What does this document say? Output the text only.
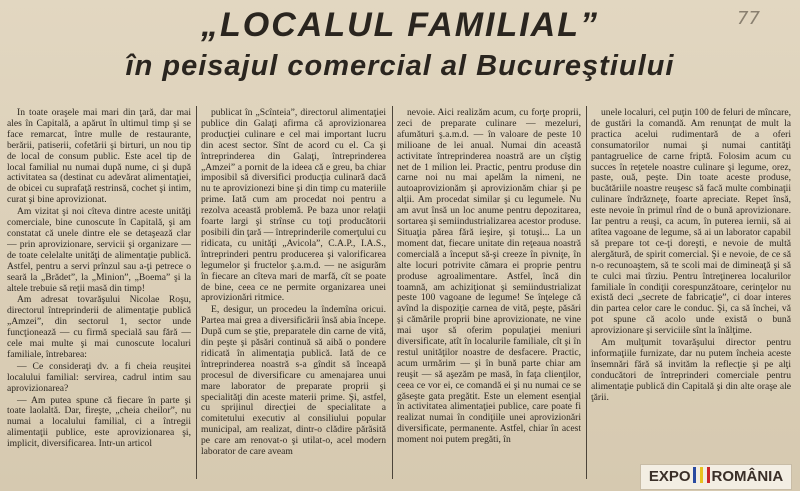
„LOCALUL FAMILIAL”
în peisajul comercial al Bucureştiului
77

În toate oraşele mai mari din ţară, dar mai ales în Capitală, a apărut în ultimul timp şi se face remarcat, între mulle de restaurante, berării, patiserii, cofetării şi birturi, un nou tip de local de consum public. Este acel tip de local familial nu numai după nume, ci şi după activitatea sa (destinat cu adevărat alimentaţiei, de obicei cu suprafaţă restrinsă, cochet şi intim, curat şi bine aprovizionat.

Am vizitat şi noi cîteva dintre aceste unităţi comerciale, bine cunoscute în Capitală, şi am constatat că unele dintre ele se detaşează clar — prin aprovizionare, servicii şi organizare — de toate celelalte unităţi de alimentaţie publică. Astfel, pentru a servi prînzul sau a-ţi petrece o seară la „Brădet”, la „Minion”, „Boema” şi la altele trebuie să reţii masă din timp!

Am adresat tovarăşului Nicolae Roşu, directorul întreprinderii de alimentaţie publică „Amzei”, din sectorul 1, sector unde funcţionează — cu firmă specială sau fără — cele mai multe şi mai cunoscute localuri familiale, întrebarea:

— Ce consideraţi dv. a fi cheia reuşitei localului familial: servirea, cadrul intim sau aprovizionarea?

— Am putea spune că fiecare în parte şi toate laolaltă. Dar, fireşte, „cheia cheilor”, nu numai a localului familial, ci a întregii alimentaţii publice, este aprovizionarea şi, implicit, diversificarea. Intr-un articol

publicat în „Scînteia”, directorul alimentaţiei publice din Galaţi afirma că aprovizionarea producţiei culinare e cel mai important lucru din acest sector. Sînt de acord cu el. Ca şi întreprinderea din Galaţi, întreprinderea „Amzei” a pornit de la ideea că e greu, ba chiar imposibil să diversifici producţia culinară dacă nu te aprovizionezi bine şi din timp cu materiile prime. Iată cum am procedat noi pentru a rezolva această problemă. Pe baza unor relaţii foarte largi şi strînse cu toţi producătorii posibili din ţară — întreprinderile comerţului cu ridicata, cu unităţi „Avicola”, C.A.P., I.A.S., întreprinderi pentru producerea şi valorificarea legumelor şi fructelor ş.a.m.d. — ne asigurăm în fiecare an cîteva mari de marfă, cît se poate de bine, ceea ce ne permite organizarea unei aprovizionări ritmice.

E, desigur, un procedeu la îndemîna oricui. Partea mai grea a diversificării însă abia începe. După cum se ştie, preparatele din carne de vită, din peşte şi păsări continuă să aibă o pondere ridicată în alimentaţia publică. Iată de ce întreprinderea noastră s-a gîndit să înceapă procesul de diversificare cu amenajarea unui mare laborator de preparate proprii şi specialităţi din aceste materii prime. Şi, astfel, cu sprijinul direcţiei de specialitate a comitetului executiv al consiliului popular municipal, am realizat, dintr-o clădire părăsită pe care am renovat-o şi utilat-o, acel modern laborator de care aveam

nevoie. Aici realizăm acum, cu forţe proprii, zeci de preparate culinare — mezeluri, afumături ş.a.m.d. — în valoare de peste 10 milioane de lei anual. Numai din această activitate întreprinderea noastră are un cîştig net de 1 milion lei. Practic, pentru produse din carne noi nu mai apelăm la nimeni, ne autoaprovizionăm şi aprovizionăm chiar şi pe alţii. Am procedat similar şi cu legumele. Nu am avut însă un loc anume pentru depozitarea, sortarea şi semiindustrializarea acestor produse. Situaţia părea fără ieşire, şi totuşi... La un moment dat, fiecare unitate din reţeaua noastră comercială a început să-şi creeze în pivniţe, în alte locuri potrivite cămara ei proprie pentru produse agroalimentare. Astfel, încă din toamnă, am achiziţionat şi semiindustrializat peste 100 vagoane de legume! Se înţelege că avînd la dispoziţie carnea de vită, peşte, păsări şi cămările proprii bine aprovizionate, ne vine mai uşor să oferim populaţiei meniuri diversificate, atît în localurile familiale, cît şi în restul unităţilor noastre de desfacere. Practic, acum urmărim — şi în bună parte chiar am reuşit — să aşezăm pe masă, în faţa clienţilor, ceea ce vor ei, ce comandă ei şi nu numai ce se găseşte gata pregătit. Este un element esenţial în activitatea alimentaţiei publice, care poate fi realizat numai în condiţiile unei aprovizionări diversificate, permanente. Astfel, chiar în acest moment noi putem pregăti, în

unele localuri, cel puţin 100 de feluri de mîncare, de gustări la comandă. Am renunţat de mult la practica acelui rudimentară de a oferi consumatorilor numai şi numai cantităţi pantagruelice de carne friptă. Folosim acum cu succes în reţetele noastre culinare şi legume, orez, paste, ouă, peşte. Din toate aceste produse, bucătăriile noastre reuşesc să facă multe combinaţii culinare îndrăzneţe, foarte apreciate. Repet însă, este nevoie în primul rînd de o bună aprovizionare. Iar pentru a reuşi, ca acum, în puterea iernii, să ai atîtea vagoane de legume, să ai un laborator capabil să prepare tot ce-ţi doreşti, e nevoie de multă alergătură, de spirit comercial. Şi e nevoie, de ce să n-o recunoaştem, să te scoli mai de dimineaţă şi să te culci mai tîrziu. Pentru întreţinerea localurilor familiale în condiţii corespunzătoare, cerinţelor nu există deci „secrete de fabricaţie”, ci doar interes din partea celor care le conduc. Şi, ca să închei, vă pot spune că acolo unde există o bună aprovizionare şi serviciile sînt la înălţime.

Am mulţumit tovarăşului director pentru informaţiile furnizate, dar nu putem încheia aceste însemnări fără să invităm la reflecţie şi pe alţi conducători de întreprinderi comerciale pentru alimentaţie publică din Capitală şi din alte oraşe ale ţării.

EXPO ROMÂNIA
